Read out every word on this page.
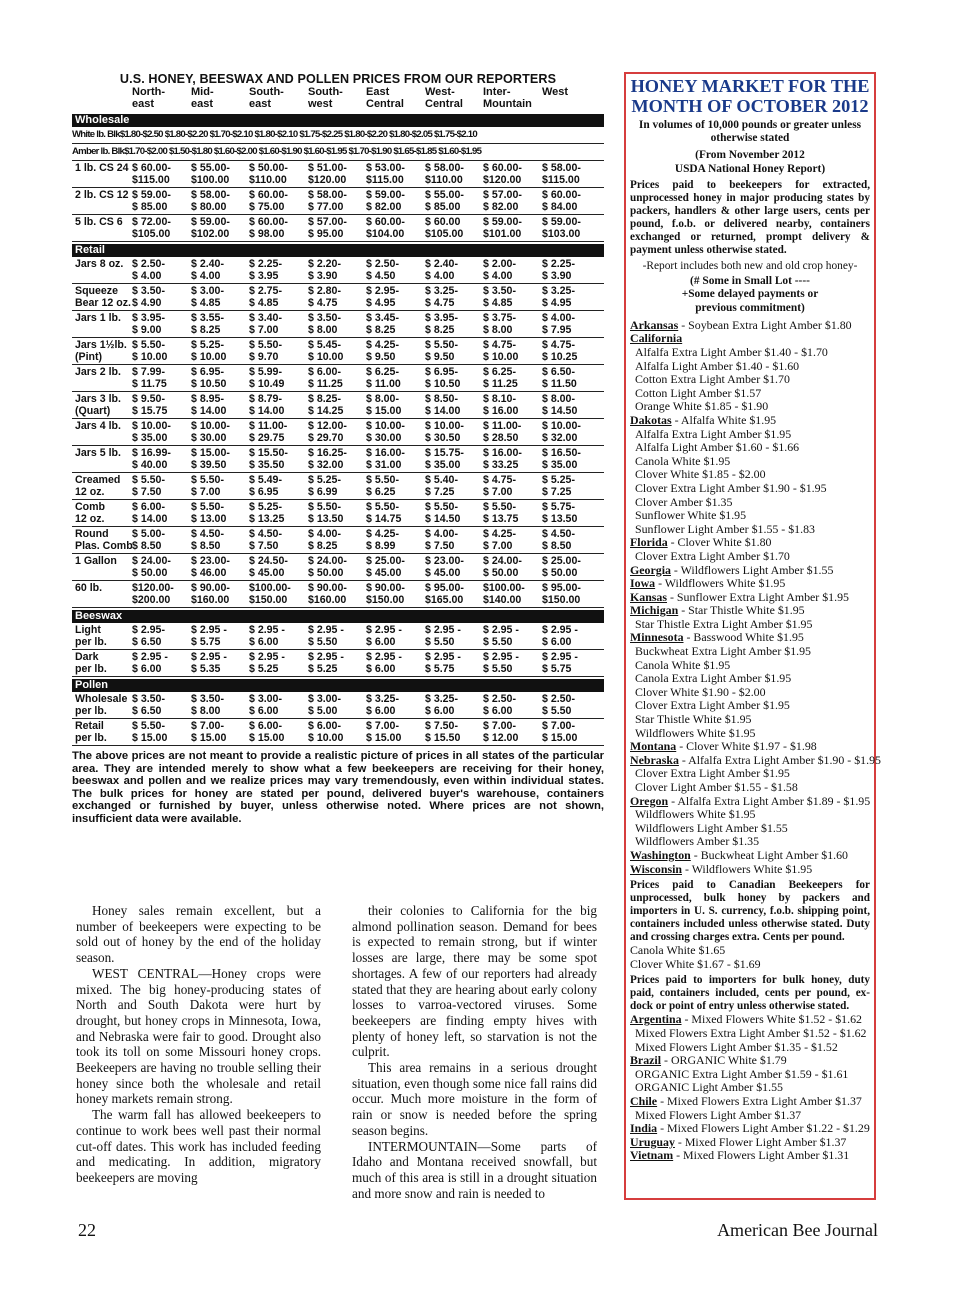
U.S. HONEY, BEESWAX AND POLLEN PRICES FROM OUR REPORTERS
North-
east
Mid-
east
South-
east
South-
west
East
Central
West-
Central
Inter-
Mountain
West
Wholesale
White lb. Blk$1.80-$2.50 $1.80-$2.20 $1.70-$2.10 $1.80-$2.10 $1.75-$2.25 $1.80-$2.20 $1.80-$2.05 $1.75-$2.10
Amber lb. Blk$1.70-$2.00 $1.50-$1.80 $1.60-$2.00 $1.60-$1.90 $1.60-$1.95 $1.70-$1.90 $1.65-$1.85 $1.60-$1.95
1 lb. CS 24 $ 60.00-
$115.00
$ 55.00-
$100.00
$ 50.00-
$110.00
$ 51.00-
$120.00
$ 53.00-
$115.00
$ 58.00-
$110.00
$ 60.00-
$120.00
$ 58.00-
$115.00
2 lb. CS 12 $ 59.00-
$ 85.00
$ 58.00-
$ 80.00
$ 60.00-
$ 75.00
$ 58.00-
$ 77.00
$ 59.00-
$ 82.00
$ 55.00-
$ 85.00
$ 57.00-
$ 82.00
$ 60.00-
$ 84.00
5 lb. CS 6 $ 72.00-
$105.00
$ 59.00-
$102.00
$ 60.00-
$ 98.00
$ 57.00-
$ 95.00
$ 60.00-
$104.00
$ 60.00
$105.00
$ 59.00-
$101.00
$ 59.00-
$103.00
Retail
Jars 8 oz. $ 2.50-
$ 4.00
$ 2.40-
$ 4.00
$ 2.25-
$ 3.95
$ 2.20-
$ 3.90
$ 2.50-
$ 4.50
$ 2.40-
$ 4.00
$ 2.00-
$ 4.00
$ 2.25-
$ 3.90
Squeeze
Bear 12 oz.
$ 3.50-
$ 4.90
$ 3.00-
$ 4.85
$ 2.75-
$ 4.85
$ 2.80-
$ 4.75
$ 2.95-
$ 4.95
$ 3.25-
$ 4.75
$ 3.50-
$ 4.85
$ 3.25-
$ 4.95
Jars 1 lb. $ 3.95-
$ 9.00
$ 3.55-
$ 8.25
$ 3.40-
$ 7.00
$ 3.50-
$ 8.00
$ 3.45-
$ 8.25
$ 3.95-
$ 8.25
$ 3.75-
$ 8.00
$ 4.00-
$ 7.95
Jars 1½lb.
(Pint)
$ 5.50-
$ 10.00
$ 5.25-
$ 10.00
$ 5.50-
$ 9.70
$ 5.45-
$ 10.00
$ 4.25-
$ 9.50
$ 5.50-
$ 9.50
$ 4.75-
$ 10.00
$ 4.75-
$ 10.25
Jars 2 lb. $ 7.99-
$ 11.75
$ 6.95-
$ 10.50
$ 5.99-
$ 10.49
$ 6.00-
$ 11.25
$ 6.25-
$ 11.00
$ 6.95-
$ 10.50
$ 6.25-
$ 11.25
$ 6.50-
$ 11.50
Jars 3 lb.
(Quart)
$ 9.50-
$ 15.75
$ 8.95-
$ 14.00
$ 8.79-
$ 14.00
$ 8.25-
$ 14.25
$ 8.00-
$ 15.00
$ 8.50-
$ 14.00
$ 8.10-
$ 16.00
$ 8.00-
$ 14.50
Jars 4 lb. $ 10.00-
$ 35.00
$ 10.00-
$ 30.00
$ 11.00-
$ 29.75
$ 12.00-
$ 29.70
$ 10.00-
$ 30.00
$ 10.00-
$ 30.50
$ 11.00-
$ 28.50
$ 10.00-
$ 32.00
Jars 5 lb. $ 16.99-
$ 40.00
$ 15.00-
$ 39.50
$ 15.50-
$ 35.50
$ 16.25-
$ 32.00
$ 16.00-
$ 31.00
$ 15.75-
$ 35.00
$ 16.00-
$ 33.25
$ 16.50-
$ 35.00
Creamed
12 oz.
$ 5.50-
$ 7.50
$ 5.50-
$ 7.00
$ 5.49-
$ 6.95
$ 5.25-
$ 6.99
$ 5.50-
$ 6.25
$ 5.40-
$ 7.25
$ 4.75-
$ 7.00
$ 5.25-
$ 7.25
Comb
12 oz.
$ 6.00-
$ 14.00
$ 5.50-
$ 13.00
$ 5.25-
$ 13.25
$ 5.50-
$ 13.50
$ 5.50-
$ 14.75
$ 5.50-
$ 14.50
$ 5.50-
$ 13.75
$ 5.75-
$ 13.50
Round
Plas. Comb
$ 5.00-
$ 8.50
$ 4.50-
$ 8.50
$ 4.50-
$ 7.50
$ 4.00-
$ 8.25
$ 4.25-
$ 8.99
$ 4.00-
$ 7.50
$ 4.25-
$ 7.00
$ 4.50-
$ 8.50
1 Gallon $ 24.00-
$ 50.00
$ 23.00-
$ 46.00
$ 24.50-
$ 45.00
$ 24.00-
$ 50.00
$ 25.00-
$ 45.00
$ 23.00-
$ 45.00
$ 24.00-
$ 50.00
$ 25.00-
$ 50.00
60 lb.	$120.00-
$200.00
$ 90.00-
$160.00
$100.00-
$150.00
$ 90.00-
$160.00
$ 90.00-
$150.00
$ 95.00-
$165.00
$100.00-
$140.00
$ 95.00-
$150.00
Beeswax
Light
per lb.
$ 2.95-
$ 6.50
$ 2.95 -
$ 5.75
$ 2.95 -
$ 6.00
$ 2.95 -
$ 5.50
$ 2.95 -
$ 6.00
$ 2.95 -
$ 5.50
$ 2.95 -
$ 5.50
$ 2.95 -
$ 6.00
Dark
per lb.
$ 2.95 -
$ 6.00
$ 2.95 -
$ 5.35
$ 2.95 -
$ 5.25
$ 2.95 -
$ 5.25
$ 2.95 -
$ 6.00
$ 2.95 -
$ 5.75
$ 2.95 -
$ 5.50
$ 2.95 -
$ 5.75
Pollen
Wholesale
per lb.
$ 3.50-
$ 6.50
$ 3.50-
$ 8.00
$ 3.00-
$ 6.00
$ 3.00-
$ 5.00
$ 3.25-
$ 6.00
$ 3.25-
$ 6.00
$ 2.50-
$ 6.00
$ 2.50-
$ 5.50
Retail
per lb.
$ 5.50-
$ 15.00
$ 7.00-
$ 15.00
$ 6.00-
$ 15.00
$ 6.00-
$ 10.00
$ 7.00-
$ 15.00
$ 7.50-
$ 15.50
$ 7.00-
$ 12.00
$ 7.00-
$ 15.00
The above prices are not meant to provide a realistic picture of prices in all states of the particular area. They are intended merely to show what a few beekeepers are receiving for their honey, beeswax and pollen and we realize prices may vary tremendously, even within individual states. The bulk prices for honey are stated per pound, delivered buyer's warehouse, containers exchanged or furnished by buyer, unless otherwise noted. Where prices are not shown, insufficient data were available.

Honey sales remain excellent, but a number of beekeepers were expecting to be sold out of honey by the end of the holiday season.

WEST CENTRAL—Honey crops were mixed. The big honey-producing states of North and South Dakota were hurt by drought, but honey crops in Minnesota, Iowa, and Nebraska were fair to good. Drought also took its toll on some Missouri honey crops. Beekeepers are having no trouble selling their honey since both the wholesale and retail honey markets remain strong.

The warm fall has allowed beekeepers to continue to work bees well past their normal cut-off dates. This work has included feeding and medicating. In addition, migratory beekeepers are moving

their colonies to California for the big almond pollination season. Demand for bees is expected to remain strong, but if winter losses are large, there may be some spot shortages. A few of our reporters had already stated that they are hearing about early colony losses to varroa-vectored viruses. Some beekeepers are finding empty hives with plenty of honey left, so starvation is not the culprit.

This area remains in a serious drought situation, even though some nice fall rains did occur. Much more moisture in the form of rain or snow is needed before the spring season begins.

INTERMOUNTAIN—Some parts of Idaho and Montana received snowfall, but much of this area is still in a drought situation and more snow and rain is needed to

HONEY MARKET FOR THE MONTH OF OCTOBER 2012
In volumes of 10,000 pounds or greater unless otherwise stated
(From November 2012
USDA National Honey Report)
Prices paid to beekeepers for extracted, unprocessed honey in major producing states by packers, handlers & other large users, cents per pound, f.o.b. or delivered nearby, containers exchanged or returned, prompt delivery & payment unless otherwise stated.
-Report includes both new and old crop honey-
(# Some in Small Lot ----
+Some delayed payments or
previous commitment)
Arkansas - Soybean Extra Light Amber $1.80
California
Alfalfa Extra Light Amber $1.40 - $1.70
Alfalfa Light Amber $1.40 - $1.60
Cotton Extra Light Amber $1.70
Cotton Light Amber $1.57
Orange White $1.85 - $1.90
Dakotas - Alfalfa White $1.95
Alfalfa Extra Light Amber $1.95
Alfalfa Light Amber $1.60 - $1.66
Canola White $1.95
Clover White $1.85 - $2.00
Clover Extra Light Amber $1.90 - $1.95
Clover Amber $1.35
Sunflower White $1.95
Sunflower Light Amber $1.55 - $1.83
Florida - Clover White $1.80
Clover Extra Light Amber $1.70
Georgia - Wildflowers Light Amber $1.55
Iowa - Wildflowers White $1.95
Kansas - Sunflower Extra Light Amber $1.95
Michigan - Star Thistle White $1.95
Star Thistle Extra Light Amber $1.95
Minnesota - Basswood White $1.95
Buckwheat Extra Light Amber $1.95
Canola White $1.95
Canola Extra Light Amber $1.95
Clover White $1.90 - $2.00
Clover Extra Light Amber $1.95
Star Thistle White $1.95
Wildflowers White $1.95
Montana - Clover White $1.97 - $1.98
Nebraska - Alfalfa Extra Light Amber $1.90 - $1.95
Clover Extra Light Amber $1.95
Clover Light Amber $1.55 - $1.58
Oregon - Alfalfa Extra Light Amber $1.89 - $1.95
Wildflowers White $1.95
Wildflowers Light Amber $1.55
Wildflowers Amber $1.35
Washington - Buckwheat Light Amber $1.60
Wisconsin - Wildflowers White $1.95
Prices paid to Canadian Beekeepers for unprocessed, bulk honey by packers and importers in U. S. currency, f.o.b. shipping point, containers included unless otherwise stated. Duty and crossing charges extra. Cents per pound.
Canola White $1.65
Clover White $1.67 - $1.69
Prices paid to importers for bulk honey, duty paid, containers included, cents per pound, ex-dock or point of entry unless otherwise stated.
Argentina - Mixed Flowers White $1.52 - $1.62
Mixed Flowers Extra Light Amber $1.52 - $1.62
Mixed Flowers Light Amber $1.35 - $1.52
Brazil - ORGANIC White $1.79
ORGANIC Extra Light Amber $1.59 - $1.61
ORGANIC Light Amber $1.55
Chile - Mixed Flowers Extra Light Amber $1.37
Mixed Flowers Light Amber $1.37
India - Mixed Flowers Light Amber $1.22 - $1.29
Uruguay - Mixed Flower Light Amber $1.37
Vietnam - Mixed Flowers Light Amber $1.31
22	American Bee Journal
